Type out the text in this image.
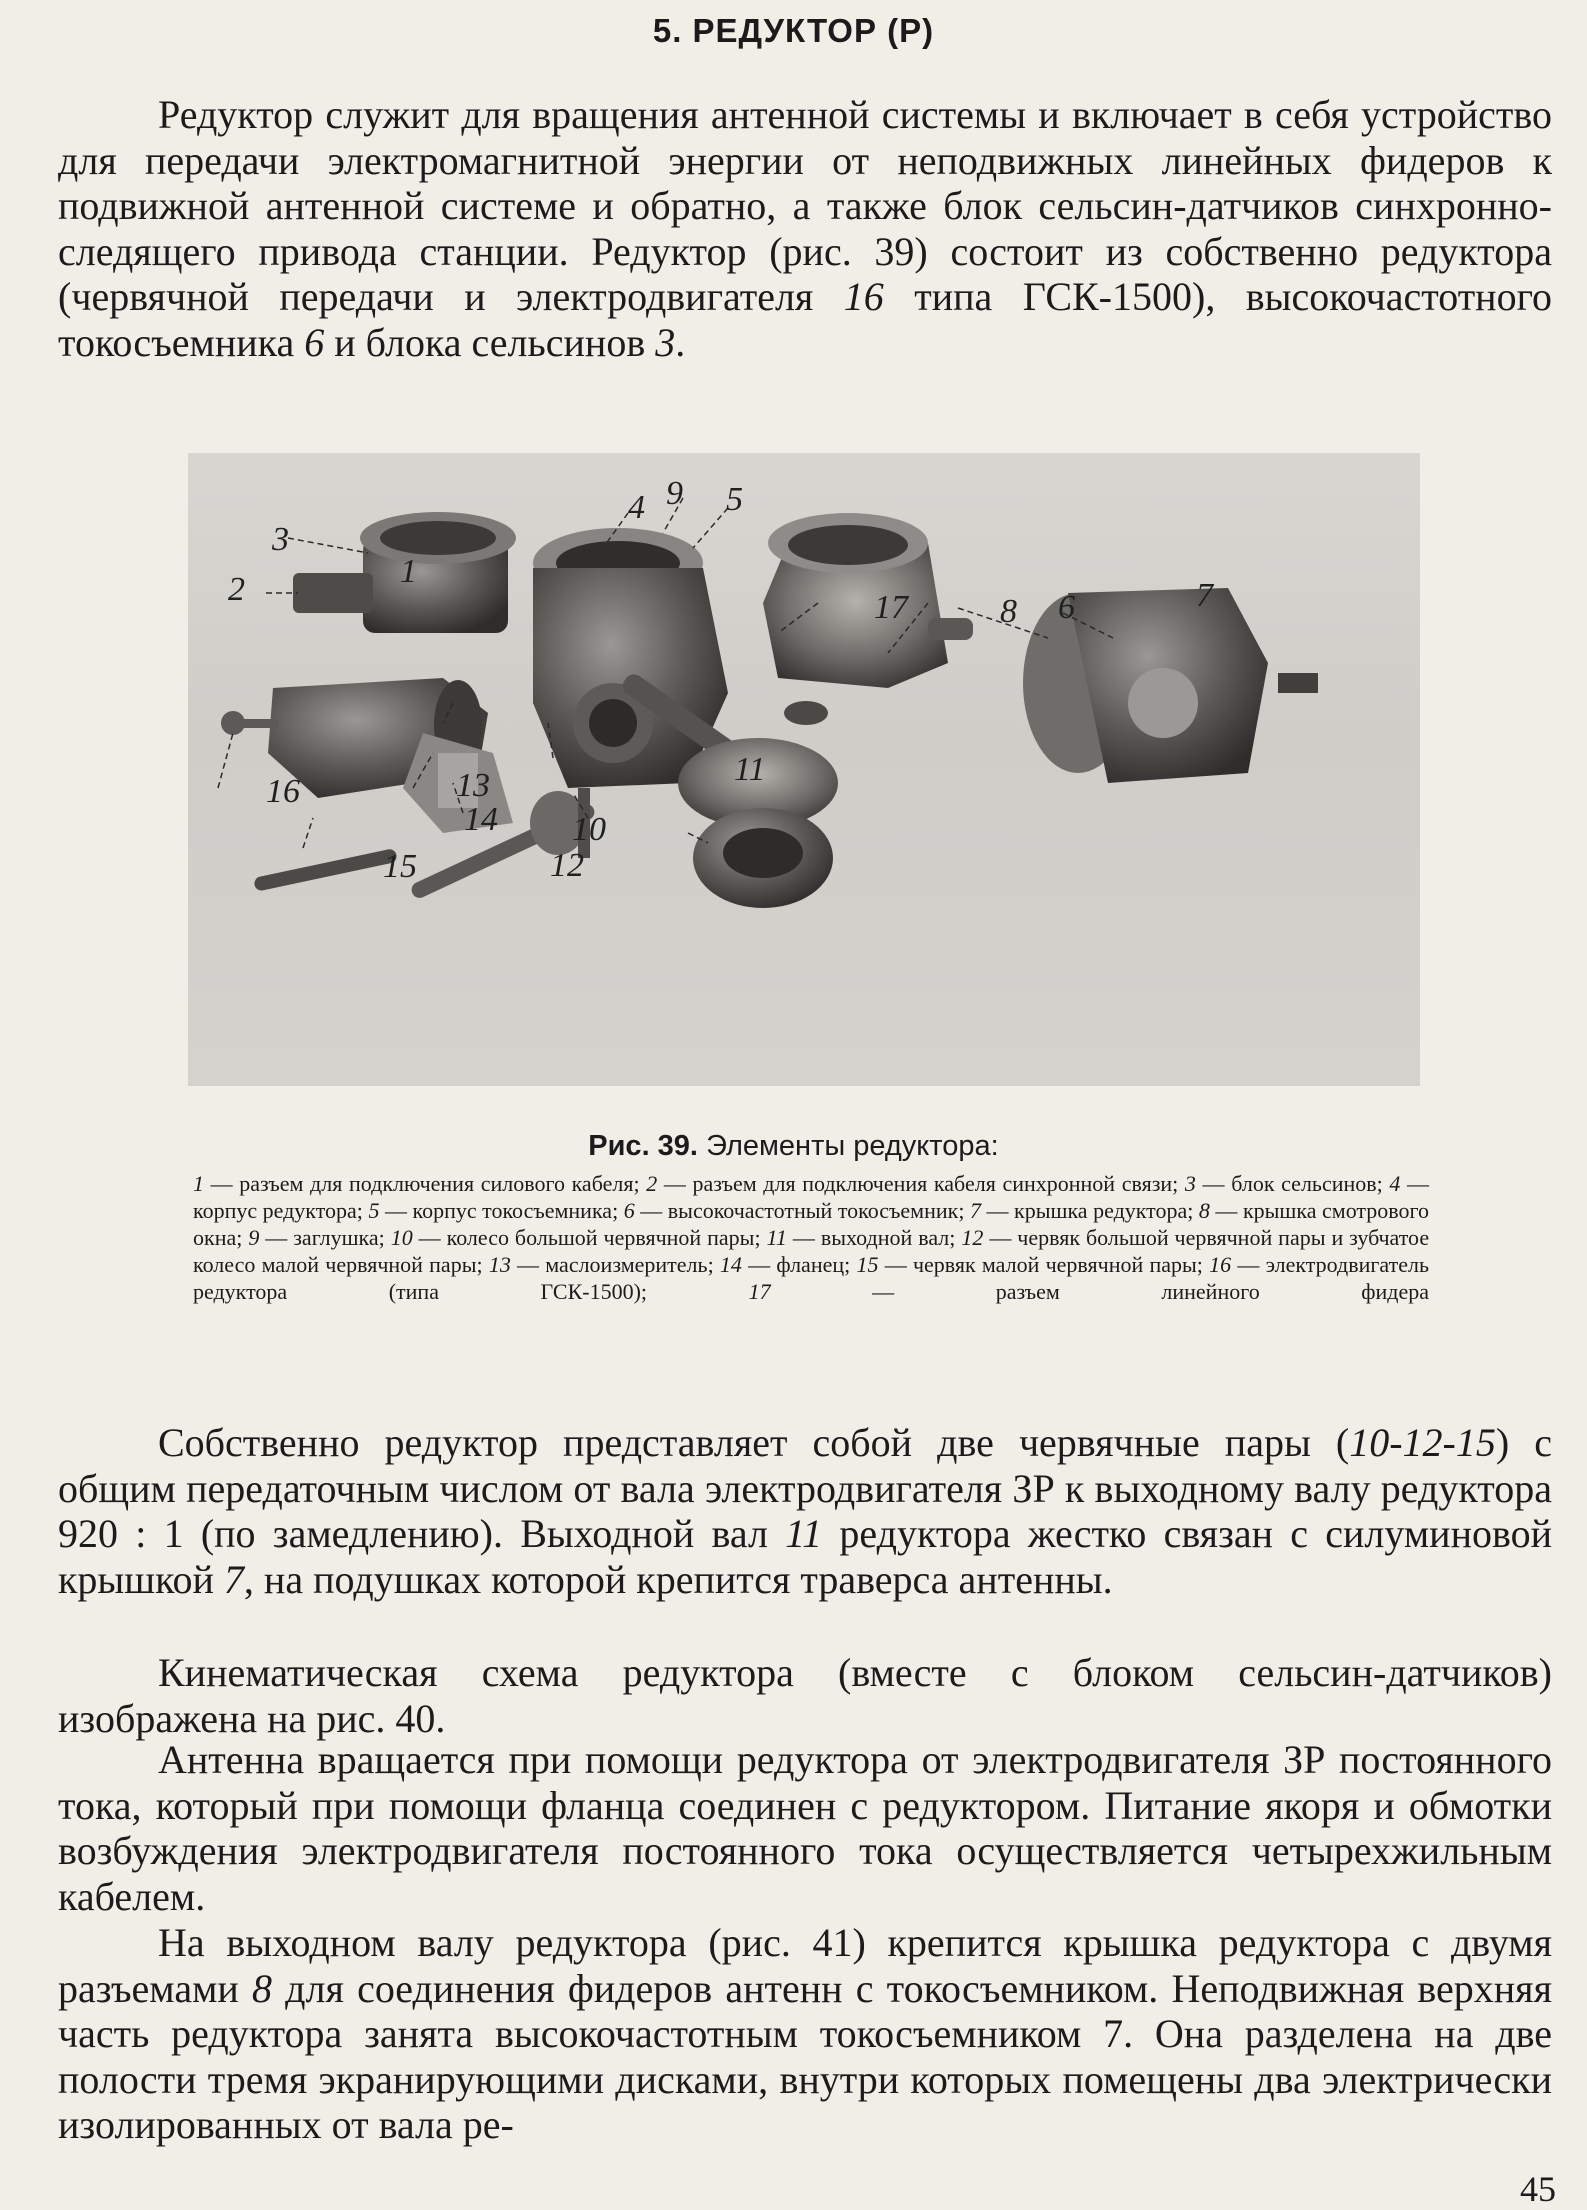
5. РЕДУКТОР (Р)

Редуктор служит для вращения антенной системы и включает в себя устройство для передачи электромагнитной энергии от неподвижных линейных фидеров к подвижной антенной системе и обратно, а также блок сельсин-датчиков синхронно-следящего привода станции. Редуктор (рис. 39) состоит из собственно редуктора (червячной передачи и электродвигателя 16 типа ГСК-1500), высокочастотного токосъемника 6 и блока сельсинов 3.

1
2
3
4 5
6	7
8
9
10
11
12
13
14
15
16
17
Рис. 39. Элементы редуктора:

1 — разъем для подключения силового кабеля; 2 — разъем для подключения кабеля синхронной связи; 3 — блок сельсинов; 4 — корпус редуктора; 5 — корпус токосъемника; 6 — высокочастотный токосъемник; 7 — крышка редуктора; 8 — крышка смотрового окна; 9 — заглушка; 10 — колесо большой червячной пары; 11 — выходной вал; 12 — червяк большой червячной пары и зубчатое колесо малой червячной пары; 13 — маслоизмеритель; 14 — фланец; 15 — червяк малой червячной пары; 16 — электродвигатель редуктора (типа ГСК-1500);	17 — разъем линейного фидера

Собственно редуктор представляет собой две червячные пары (10-12-15) с общим передаточным числом от вала электродвигателя ЗР к выходному валу редуктора 920 : 1 (по замедлению). Выходной вал 11 редуктора жестко связан с силуминовой крышкой 7, на подушках которой крепится траверса антенны.

Кинематическая схема редуктора (вместе с блоком сельсин-датчиков) изображена на рис. 40.

Антенна вращается при помощи редуктора от электродвигателя ЗР постоянного тока, который при помощи фланца соединен с редуктором. Питание якоря и обмотки возбуждения электродвигателя постоянного тока осуществляется четырехжильным кабелем.

На выходном валу редуктора (рис. 41) крепится крышка редуктора с двумя разъемами 8 для соединения фидеров антенн с токосъемником. Неподвижная верхняя часть редуктора занята высокочастотным токосъемником 7. Она разделена на две полости тремя экранирующими дисками, внутри которых помещены два электрически изолированных от вала ре-

45
